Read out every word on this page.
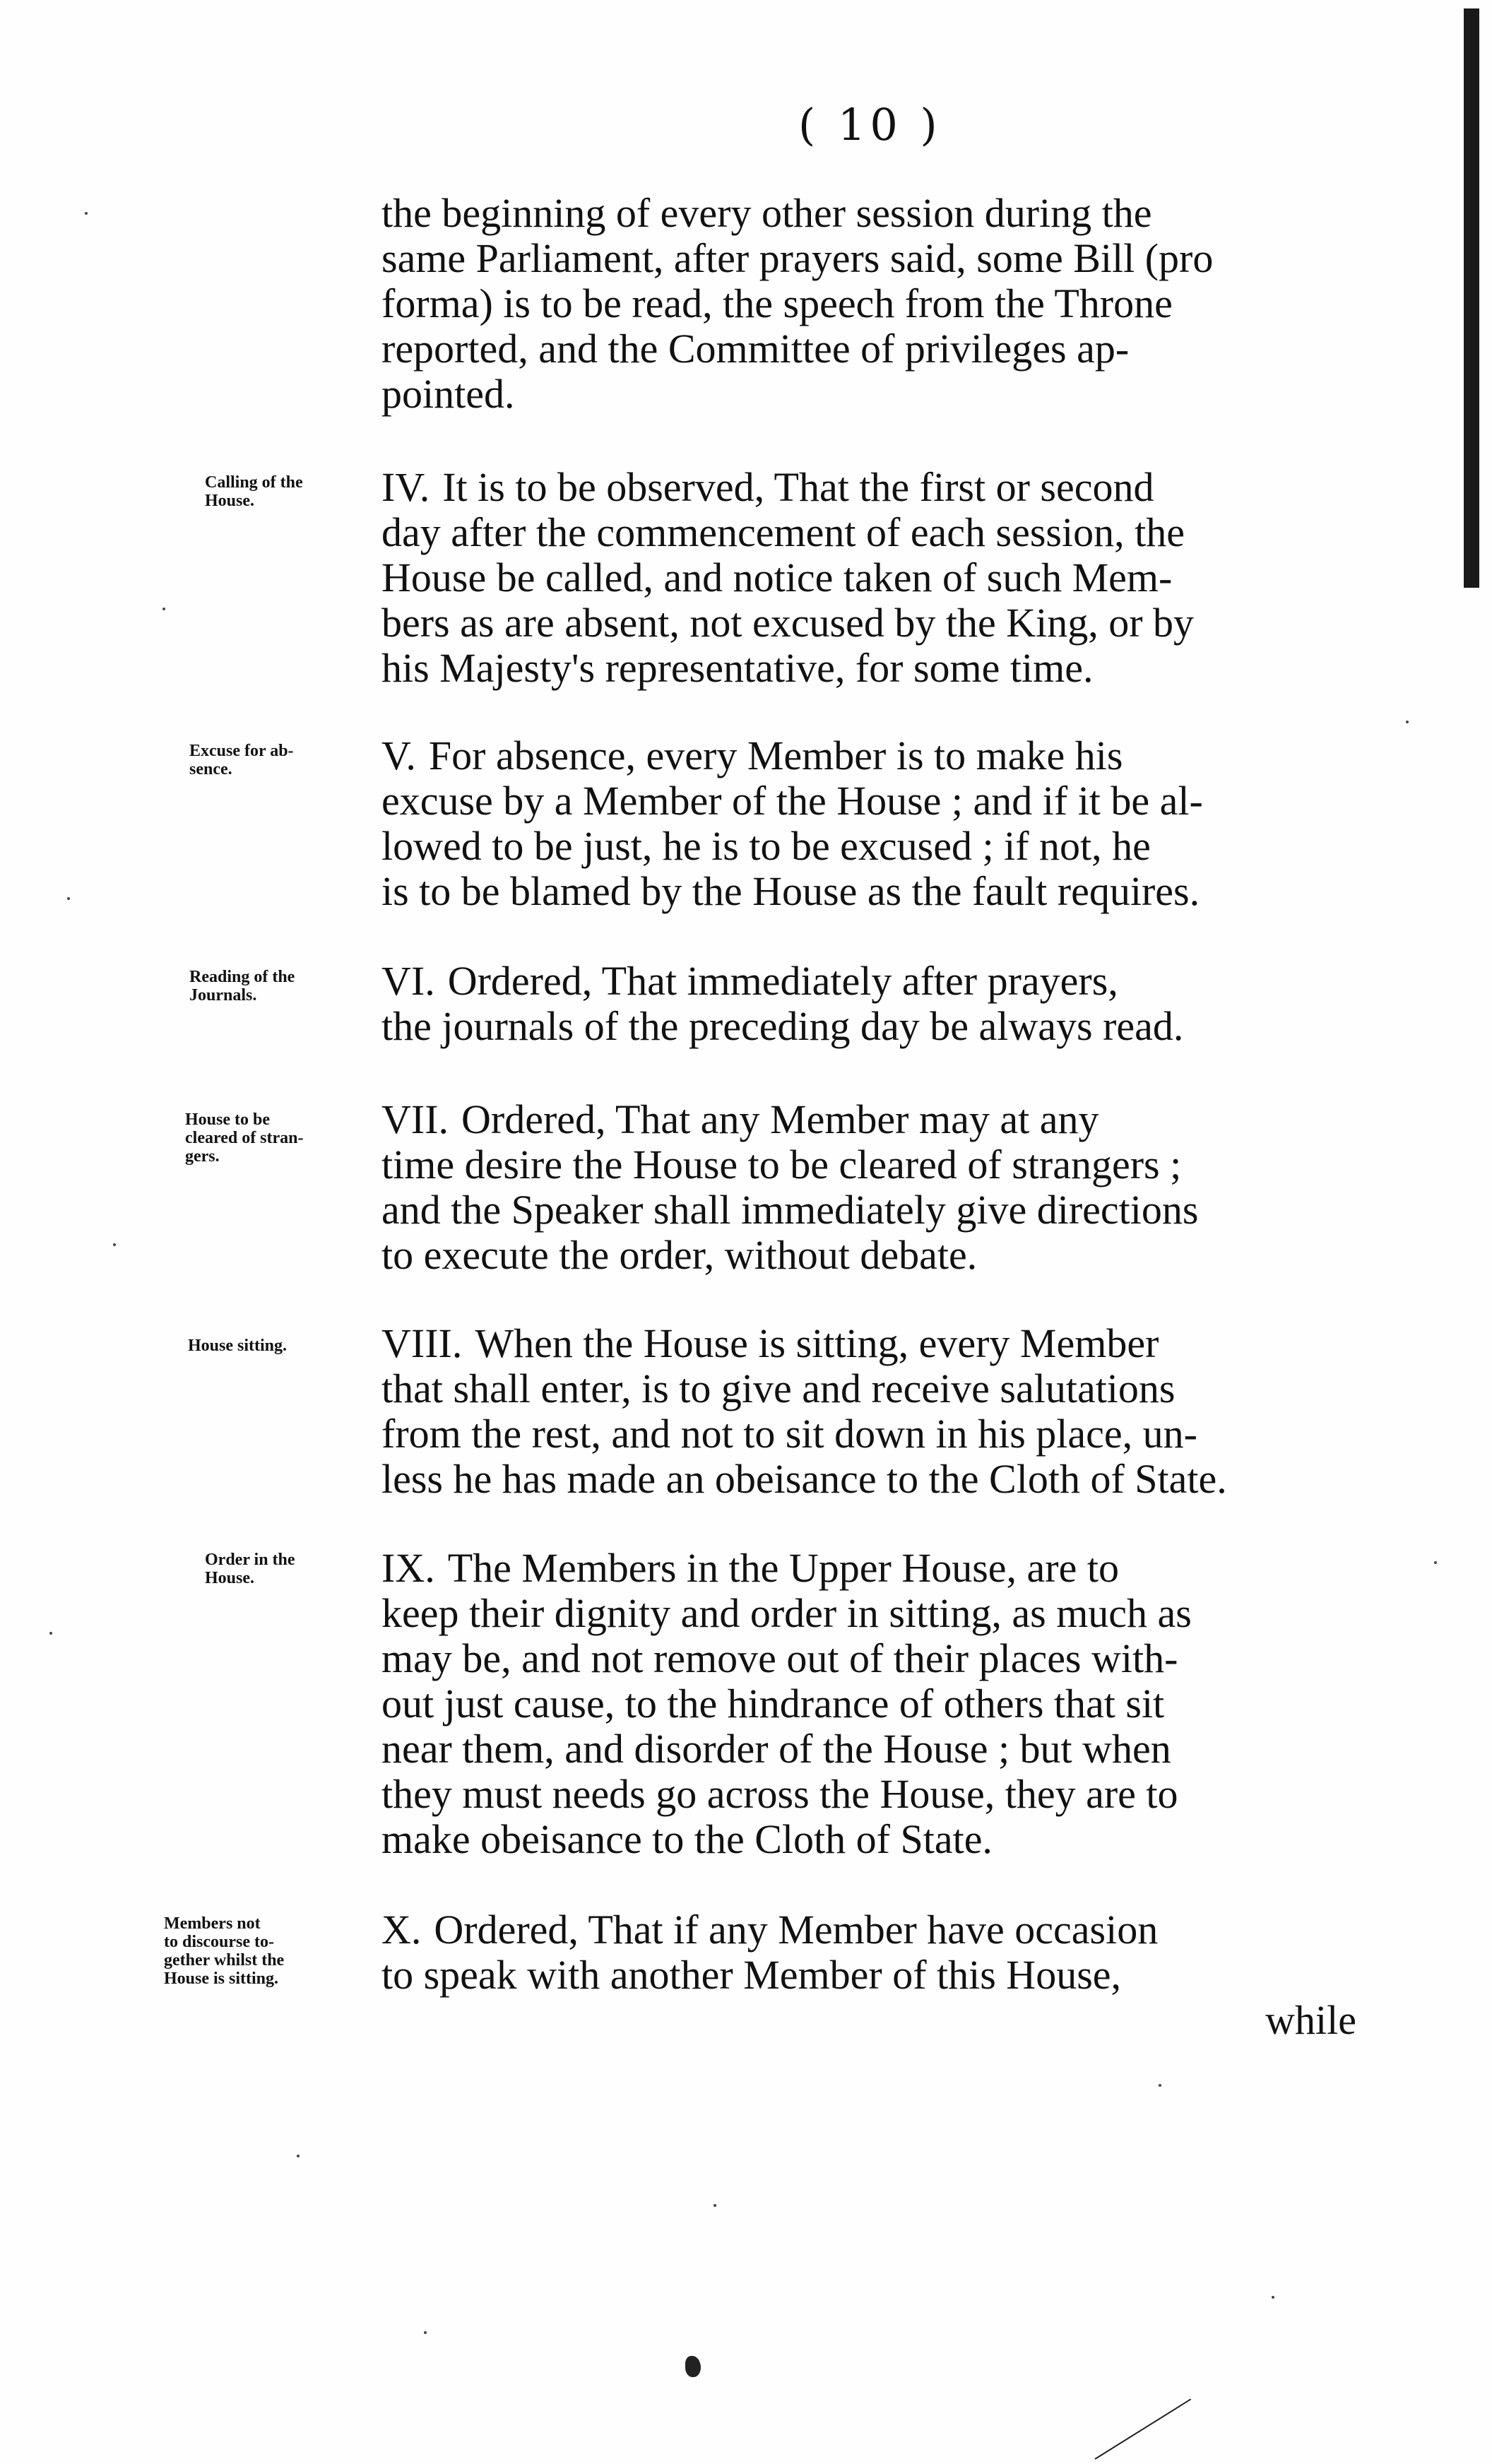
( 10 )

the beginning of every other session during the

same Parliament, after prayers said, some Bill (pro

forma) is to be read, the speech from the Throne

reported, and the Committee of privileges ap-

pointed.

Calling of the

House.	IV. It is to be observed, That the first or second

day after the commencement of each session, the

House be called, and notice taken of such Mem-

bers as are absent, not excused by the King, or by

his Majesty's representative, for some time.

Excuse for ab-

sence.	V. For absence, every Member is to make his

excuse by a Member of the House ; and if it be al-

lowed to be just, he is to be excused ; if not, he

is to be blamed by the House as the fault requires.

Reading of the

Journals.	VI. Ordered, That immediately after prayers,

the journals of the preceding day be always read.

House to be

cleared of stran-

gers.

VII. Ordered, That any Member may at any

time desire the House to be cleared of strangers ;

and the Speaker shall immediately give directions

to execute the order, without debate.

House sitting.	VIII. When the House is sitting, every Member

that shall enter, is to give and receive salutations

from the rest, and not to sit down in his place, un-

less he has made an obeisance to the Cloth of State.

Order in the

House.	IX. The Members in the Upper House, are to

keep their dignity and order in sitting, as much as

may be, and not remove out of their places with-

out just cause, to the hindrance of others that sit

near them, and disorder of the House ; but when

they must needs go across the House, they are to

make obeisance to the Cloth of State.

Members not

to discourse to-

gether whilst the

House is sitting.

X. Ordered, That if any Member have occasion

to speak with another Member of this House,

while
